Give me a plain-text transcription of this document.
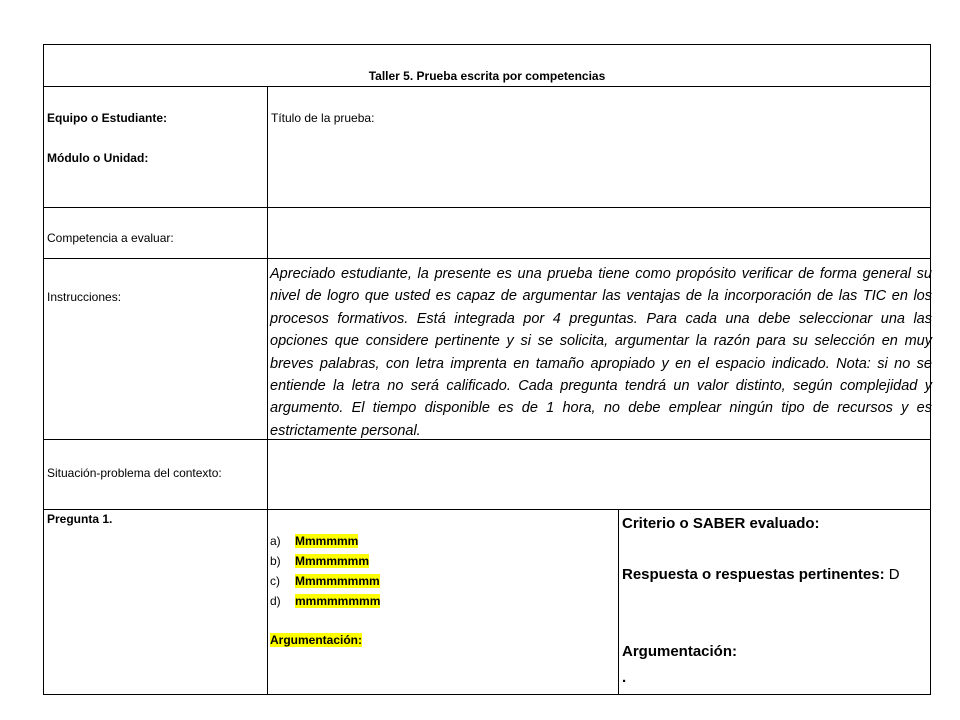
Taller 5. Prueba escrita por competencias
Equipo o Estudiante:
Módulo o Unidad:
Título de la prueba:
Competencia a evaluar:
Instrucciones:
Apreciado estudiante, la presente es una prueba tiene como propósito verificar de forma general su nivel de logro que usted es capaz de argumentar las ventajas de la incorporación de las TIC en los procesos formativos. Está integrada por 4 preguntas. Para cada una debe seleccionar una las opciones que considere pertinente y si se solicita, argumentar la razón para su selección en muy breves palabras, con letra imprenta en tamaño apropiado y en el espacio indicado. Nota: si no se entiende la letra no será calificado. Cada pregunta tendrá un valor distinto, según complejidad y argumento. El tiempo disponible es de 1 hora, no debe emplear ningún tipo de recursos y es estrictamente personal.
Situación-problema del contexto:
Pregunta 1.
a) Mmmmmm
b) Mmmmmmm
c) Mmmmmmmm
d) mmmmmmmm
Argumentación:
Criterio o SABER evaluado:
Respuesta o respuestas pertinentes: D
Argumentación:
.
